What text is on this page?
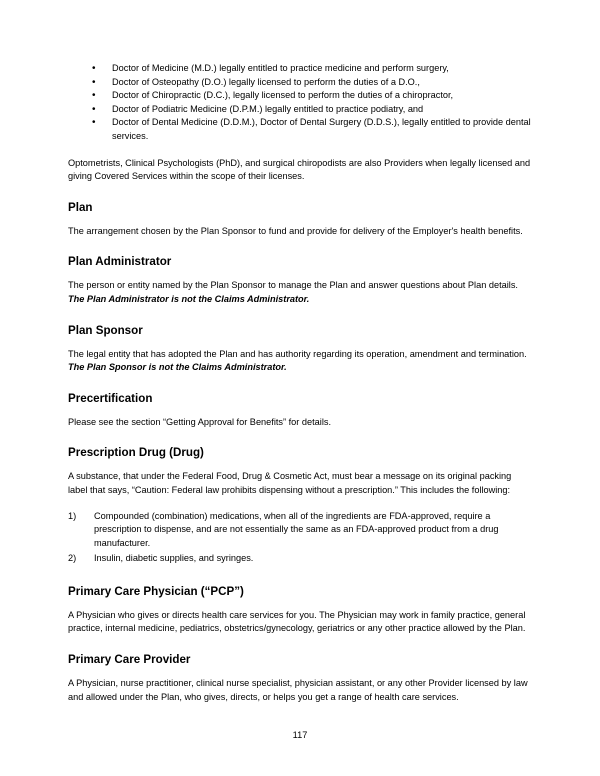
• Doctor of Medicine (M.D.) legally entitled to practice medicine and perform surgery,
• Doctor of Osteopathy (D.O.) legally licensed to perform the duties of a D.O.,
• Doctor of Chiropractic (D.C.), legally licensed to perform the duties of a chiropractor,
• Doctor of Podiatric Medicine (D.P.M.) legally entitled to practice podiatry, and
• Doctor of Dental Medicine (D.D.M.), Doctor of Dental Surgery (D.D.S.), legally entitled to provide dental services.

Optometrists, Clinical Psychologists (PhD), and surgical chiropodists are also Providers when legally licensed and giving Covered Services within the scope of their licenses.

Plan

The arrangement chosen by the Plan Sponsor to fund and provide for delivery of the Employer's health benefits.

Plan Administrator

The person or entity named by the Plan Sponsor to manage the Plan and answer questions about Plan details.   The Plan Administrator is not the Claims Administrator.

Plan Sponsor

The legal entity that has adopted the Plan and has authority regarding its operation, amendment and termination.   The Plan Sponsor is not the Claims Administrator.

Precertification

Please see the section “Getting Approval for Benefits” for details.

Prescription Drug (Drug)

A substance, that under the Federal Food, Drug & Cosmetic Act, must bear a message on its original packing label that says, “Caution: Federal law prohibits dispensing without a prescription.” This includes the following:

1)	Compounded (combination) medications, when all of the ingredients are FDA-approved, require a prescription to dispense, and are not essentially the same as an FDA-approved product from a drug manufacturer.
2)	Insulin, diabetic supplies, and syringes.
Primary Care Physician (“PCP”)

A Physician who gives or directs health care services for you. The Physician may work in family practice, general practice, internal medicine, pediatrics, obstetrics/gynecology, geriatrics or any other practice allowed by the Plan.

Primary Care Provider

A Physician, nurse practitioner, clinical nurse specialist, physician assistant, or any other Provider licensed by law and allowed under the Plan, who gives, directs, or helps you get a range of health care services.

117
